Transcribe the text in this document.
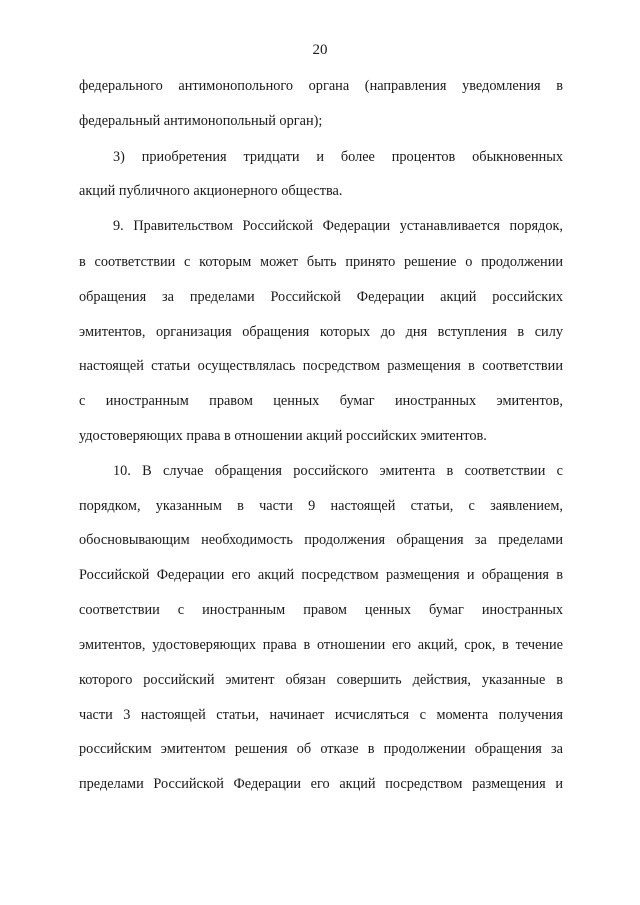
20
федерального антимонопольного органа (направления уведомления в
федеральный антимонопольный орган);
3) приобретения тридцати и более процентов обыкновенных
акций публичного акционерного общества.
9. Правительством Российской Федерации устанавливается порядок,
в соответствии с которым может быть принято решение о продолжении
обращения за пределами Российской Федерации акций российских
эмитентов, организация обращения которых до дня вступления в силу
настоящей статьи осуществлялась посредством размещения в соответствии
с иностранным правом ценных бумаг иностранных эмитентов,
удостоверяющих права в отношении акций российских эмитентов.
10. В случае обращения российского эмитента в соответствии с
порядком, указанным в части 9 настоящей статьи, с заявлением,
обосновывающим необходимость продолжения обращения за пределами
Российской Федерации его акций посредством размещения и обращения в
соответствии с иностранным правом ценных бумаг иностранных
эмитентов, удостоверяющих права в отношении его акций, срок, в течение
которого российский эмитент обязан совершить действия, указанные в
части 3 настоящей статьи, начинает исчисляться с момента получения
российским эмитентом решения об отказе в продолжении обращения за
пределами Российской Федерации его акций посредством размещения и
